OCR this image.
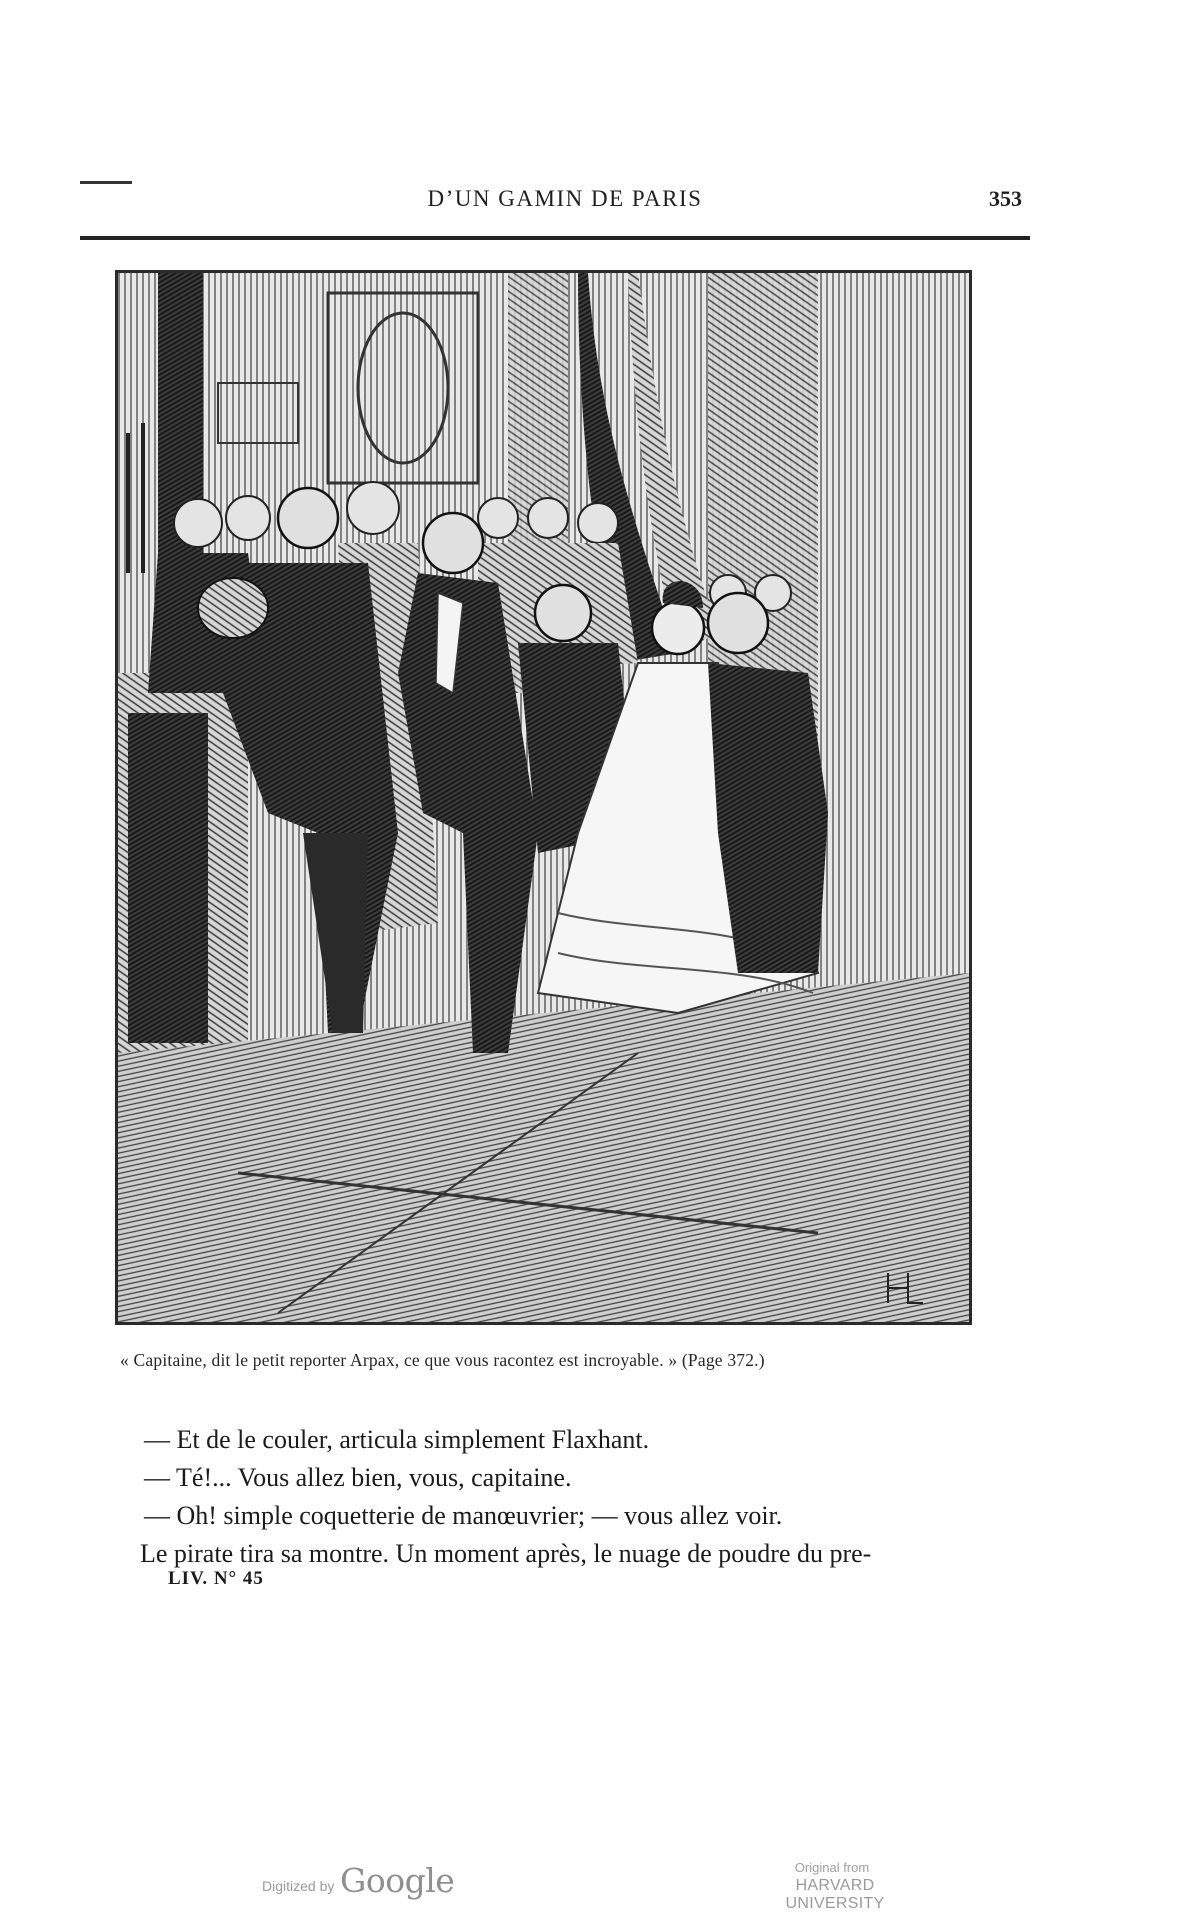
D’UN GAMIN DE PARIS	353
« Capitaine, dit le petit reporter Arpax, ce que vous racontez est incroyable. » (Page 372.)
— Et de le couler, articula simplement Flaxhant.
— Té!... Vous allez bien, vous, capitaine.
— Oh! simple coquetterie de manœuvrier; — vous allez voir.
Le pirate tira sa montre. Un moment après, le nuage de poudre du pre-
LIV. N° 45
Digitized by Google	Original from
HARVARD UNIVERSITY
